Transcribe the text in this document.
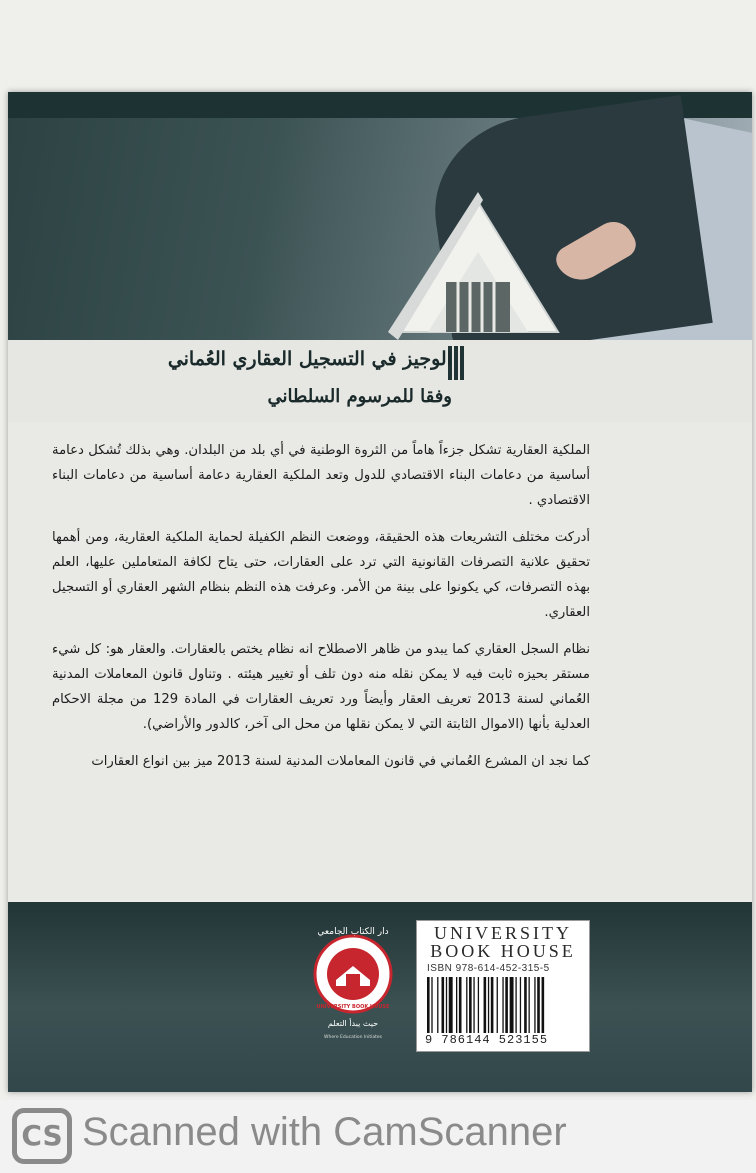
الوجيز في التسجيل العقاري العُماني
وفقا للمرسوم السلطاني

الملكية العقارية تشكل جزءاً هاماً من الثروة الوطنية في أي بلد من البلدان. وهي بذلك تُشكل دعامة أساسية من دعامات البناء الاقتصادي للدول وتعد الملكية العقارية دعامة أساسية من دعامات البناء الاقتصادي .

أدركت مختلف التشريعات هذه الحقيقة، ووضعت النظم الكفيلة لحماية الملكية العقارية، ومن أهمها تحقيق علانية التصرفات القانونية التي ترد على العقارات، حتى يتاح لكافة المتعاملين عليها، العلم بهذه التصرفات، كي يكونوا على بينة من الأمر. وعرفت هذه النظم بنظام الشهر العقاري أو التسجيل العقاري.

نظام السجل العقاري كما يبدو من ظاهر الاصطلاح انه نظام يختص بالعقارات. والعقار هو: كل شيء مستقر بحيزه ثابت فيه لا يمكن نقله منه دون تلف أو تغيير هيئته . وتناول قانون المعاملات المدنية العُماني لسنة 2013 تعريف العقار وأيضاً ورد تعريف العقارات في المادة 129 من مجلة الاحكام العدلية بأنها (الاموال الثابتة التي لا يمكن نقلها من محل الى آخر، كالدور والأراضي).

كما نجد ان المشرع العُماني في قانون المعاملات المدنية لسنة 2013 ميز بين انواع العقارات

دار الكتاب الجامعي
UNIVERSITY BOOK HOUSE
حيث يبدأ التعلم
Where Education Initiates
UNIVERSITY
BOOK HOUSE
ISBN 978-614-452-315-5
9 786144 523155
CS Scanned with CamScanner
